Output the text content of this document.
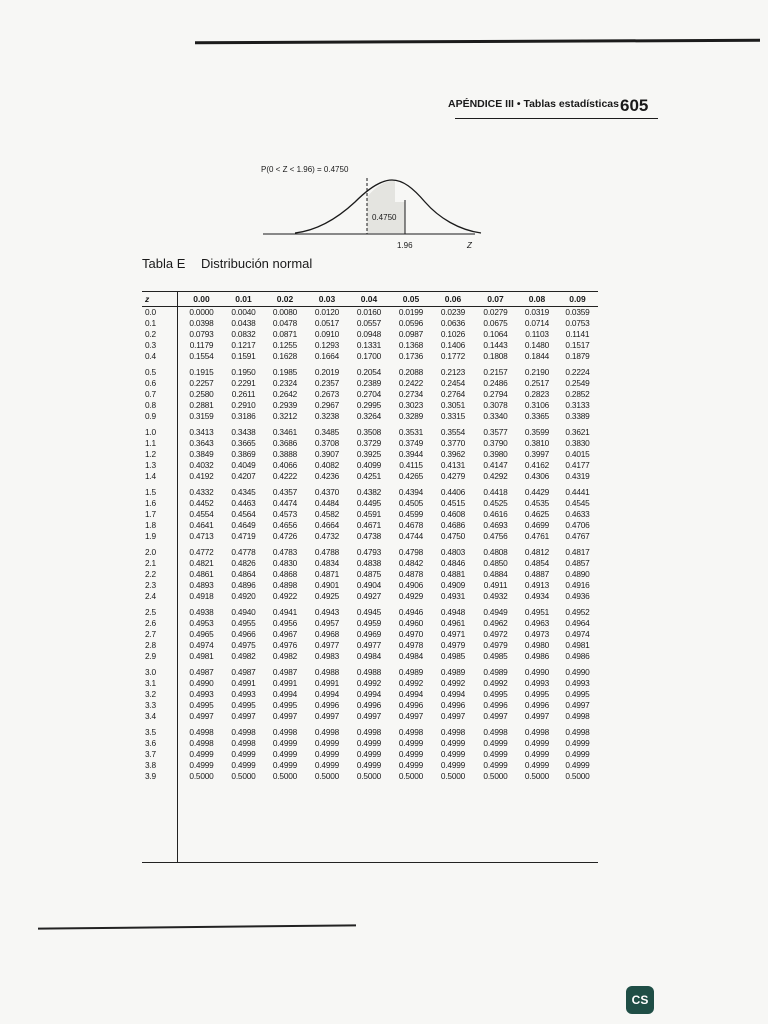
APÉNDICE III • Tablas estadísticas 605
P(0 < Z < 1.96) = 0.4750
0.4750
1.96	Z
Tabla E Distribución normal
z	0.00	0.01	0.02	0.03	0.04	0.05	0.06	0.07	0.08	0.09
0.0	0.0000	0.0040	0.0080	0.0120	0.0160	0.0199	0.0239	0.0279	0.0319	0.0359
0.1	0.0398	0.0438	0.0478	0.0517	0.0557	0.0596	0.0636	0.0675	0.0714	0.0753
0.2	0.0793	0.0832	0.0871	0.0910	0.0948	0.0987	0.1026	0.1064	0.1103	0.1141
0.3	0.1179	0.1217	0.1255	0.1293	0.1331	0.1368	0.1406	0.1443	0.1480	0.1517
0.4	0.1554	0.1591	0.1628	0.1664	0.1700	0.1736	0.1772	0.1808	0.1844	0.1879

0.5	0.1915	0.1950	0.1985	0.2019	0.2054	0.2088	0.2123	0.2157	0.2190	0.2224
0.6	0.2257	0.2291	0.2324	0.2357	0.2389	0.2422	0.2454	0.2486	0.2517	0.2549
0.7	0.2580	0.2611	0.2642	0.2673	0.2704	0.2734	0.2764	0.2794	0.2823	0.2852
0.8	0.2881	0.2910	0.2939	0.2967	0.2995	0.3023	0.3051	0.3078	0.3106	0.3133
0.9	0.3159	0.3186	0.3212	0.3238	0.3264	0.3289	0.3315	0.3340	0.3365	0.3389

1.0	0.3413	0.3438	0.3461	0.3485	0.3508	0.3531	0.3554	0.3577	0.3599	0.3621
1.1	0.3643	0.3665	0.3686	0.3708	0.3729	0.3749	0.3770	0.3790	0.3810	0.3830
1.2	0.3849	0.3869	0.3888	0.3907	0.3925	0.3944	0.3962	0.3980	0.3997	0.4015
1.3	0.4032	0.4049	0.4066	0.4082	0.4099	0.4115	0.4131	0.4147	0.4162	0.4177
1.4	0.4192	0.4207	0.4222	0.4236	0.4251	0.4265	0.4279	0.4292	0.4306	0.4319

1.5	0.4332	0.4345	0.4357	0.4370	0.4382	0.4394	0.4406	0.4418	0.4429	0.4441
1.6	0.4452	0.4463	0.4474	0.4484	0.4495	0.4505	0.4515	0.4525	0.4535	0.4545
1.7	0.4554	0.4564	0.4573	0.4582	0.4591	0.4599	0.4608	0.4616	0.4625	0.4633
1.8	0.4641	0.4649	0.4656	0.4664	0.4671	0.4678	0.4686	0.4693	0.4699	0.4706
1.9	0.4713	0.4719	0.4726	0.4732	0.4738	0.4744	0.4750	0.4756	0.4761	0.4767

2.0	0.4772	0.4778	0.4783	0.4788	0.4793	0.4798	0.4803	0.4808	0.4812	0.4817
2.1	0.4821	0.4826	0.4830	0.4834	0.4838	0.4842	0.4846	0.4850	0.4854	0.4857
2.2	0.4861	0.4864	0.4868	0.4871	0.4875	0.4878	0.4881	0.4884	0.4887	0.4890
2.3	0.4893	0.4896	0.4898	0.4901	0.4904	0.4906	0.4909	0.4911	0.4913	0.4916
2.4	0.4918	0.4920	0.4922	0.4925	0.4927	0.4929	0.4931	0.4932	0.4934	0.4936

2.5	0.4938	0.4940	0.4941	0.4943	0.4945	0.4946	0.4948	0.4949	0.4951	0.4952
2.6	0.4953	0.4955	0.4956	0.4957	0.4959	0.4960	0.4961	0.4962	0.4963	0.4964
2.7	0.4965	0.4966	0.4967	0.4968	0.4969	0.4970	0.4971	0.4972	0.4973	0.4974
2.8	0.4974	0.4975	0.4976	0.4977	0.4977	0.4978	0.4979	0.4979	0.4980	0.4981
2.9	0.4981	0.4982	0.4982	0.4983	0.4984	0.4984	0.4985	0.4985	0.4986	0.4986

3.0	0.4987	0.4987	0.4987	0.4988	0.4988	0.4989	0.4989	0.4989	0.4990	0.4990
3.1	0.4990	0.4991	0.4991	0.4991	0.4992	0.4992	0.4992	0.4992	0.4993	0.4993
3.2	0.4993	0.4993	0.4994	0.4994	0.4994	0.4994	0.4994	0.4995	0.4995	0.4995
3.3	0.4995	0.4995	0.4995	0.4996	0.4996	0.4996	0.4996	0.4996	0.4996	0.4997
3.4	0.4997	0.4997	0.4997	0.4997	0.4997	0.4997	0.4997	0.4997	0.4997	0.4998

3.5	0.4998	0.4998	0.4998	0.4998	0.4998	0.4998	0.4998	0.4998	0.4998	0.4998
3.6	0.4998	0.4998	0.4999	0.4999	0.4999	0.4999	0.4999	0.4999	0.4999	0.4999
3.7	0.4999	0.4999	0.4999	0.4999	0.4999	0.4999	0.4999	0.4999	0.4999	0.4999
3.8	0.4999	0.4999	0.4999	0.4999	0.4999	0.4999	0.4999	0.4999	0.4999	0.4999
3.9	0.5000	0.5000	0.5000	0.5000	0.5000	0.5000	0.5000	0.5000	0.5000	0.5000
CS
